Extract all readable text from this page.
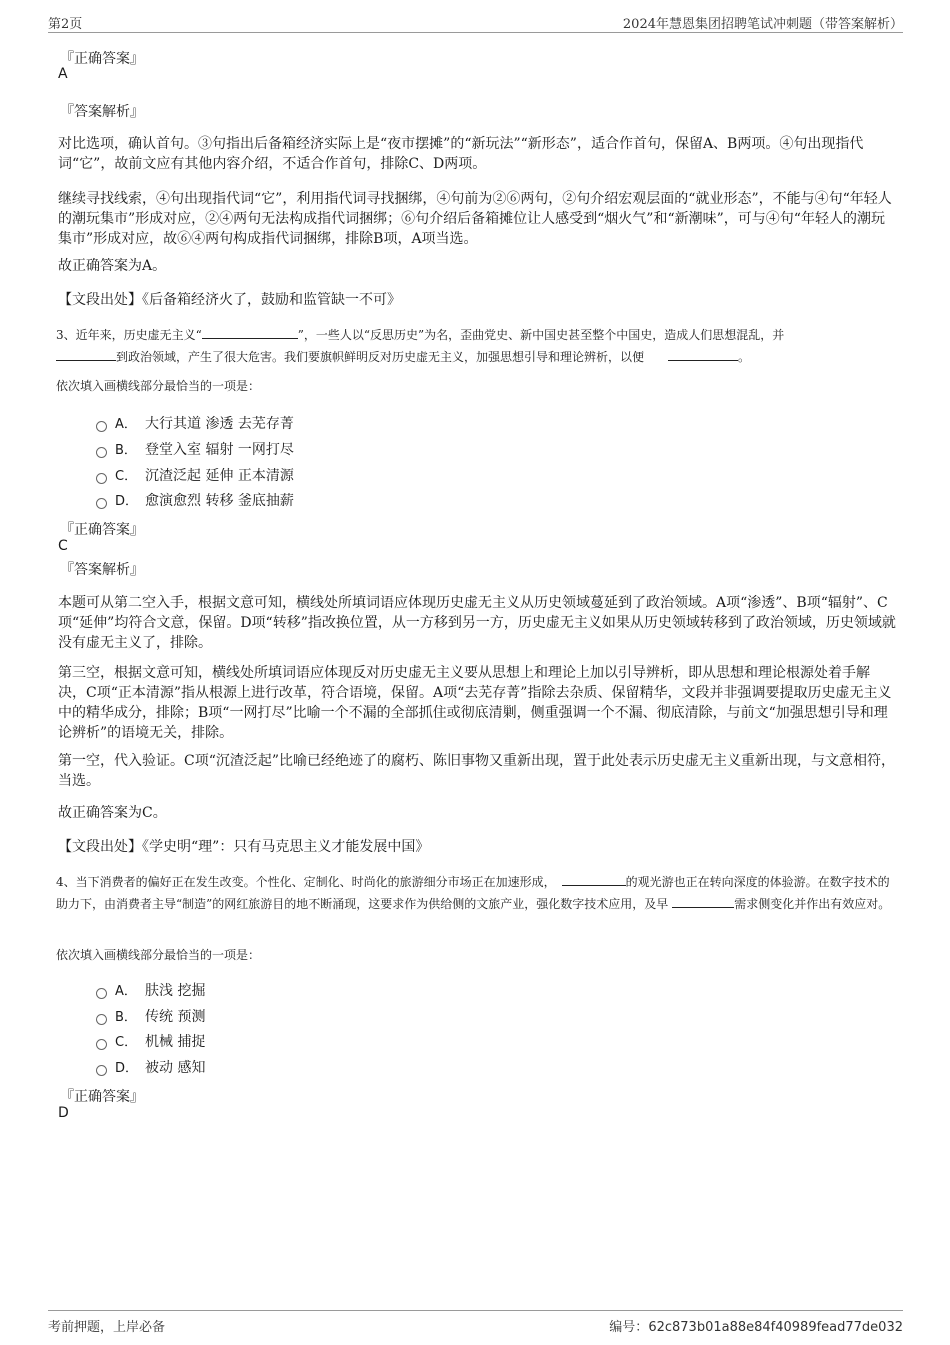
第2页	2024年慧恩集团招聘笔试冲刺题（带答案解析）
『正确答案』
A
『答案解析』
对比选项，确认首句。③句指出后备箱经济实际上是“夜市摆摊”的“新玩法”“新形态”，适合作首句，保留A、B两项。④句出现指代词“它”，故前文应有其他内容介绍，不适合作首句，排除C、D两项。
继续寻找线索，④句出现指代词“它”，利用指代词寻找捆绑，④句前为②⑥两句，②句介绍宏观层面的“就业形态”，不能与④句“年轻人的潮玩集市”形成对应，②④两句无法构成指代词捆绑；⑥句介绍后备箱摊位让人感受到“烟火气”和“新潮味”，可与④句“年轻人的潮玩集市”形成对应，故⑥④两句构成指代词捆绑，排除B项，A项当选。
故正确答案为A。
【文段出处】《后备箱经济火了，鼓励和监管缺一不可》
3、近年来，历史虚无主义“	”，一些人以“反思历史”为名，歪曲党史、新中国史甚至整个中国史，造成人们思想混乱，并
到政治领域，产生了很大危害。我们要旗帜鲜明反对历史虚无主义，加强思想引导和理论辨析，以便	。
依次填入画横线部分最恰当的一项是：
A． 大行其道 渗透 去芜存菁
B． 登堂入室 辐射 一网打尽
C． 沉渣泛起 延伸 正本清源
D． 愈演愈烈 转移 釜底抽薪
『正确答案』
C
『答案解析』
本题可从第二空入手，根据文意可知，横线处所填词语应体现历史虚无主义从历史领域蔓延到了政治领域。A项“渗透”、B项“辐射”、C项“延伸”均符合文意，保留。D项“转移”指改换位置，从一方移到另一方，历史虚无主义如果从历史领域转移到了政治领域，历史领域就没有虚无主义了，排除。
第三空，根据文意可知，横线处所填词语应体现反对历史虚无主义要从思想上和理论上加以引导辨析，即从思想和理论根源处着手解决，C项“正本清源”指从根源上进行改革，符合语境，保留。A项“去芜存菁”指除去杂质、保留精华，文段并非强调要提取历史虚无主义中的精华成分，排除；B项“一网打尽”比喻一个不漏的全部抓住或彻底清剿，侧重强调一个不漏、彻底清除，与前文“加强思想引导和理论辨析”的语境无关，排除。
第一空，代入验证。C项“沉渣泛起”比喻已经绝迹了的腐朽、陈旧事物又重新出现，置于此处表示历史虚无主义重新出现，与文意相符，当选。
故正确答案为C。
【文段出处】《学史明“理”：只有马克思主义才能发展中国》
4、当下消费者的偏好正在发生改变。个性化、定制化、时尚化的旅游细分市场正在加速形成，	的观光游也正在转向深度的体验游。在数字技术的助力下，由消费者主导“制造”的网红旅游目的地不断涌现，这要求作为供给侧的文旅产业，强化数字技术应用，及早	需求侧变化并作出有效应对。
依次填入画横线部分最恰当的一项是：
A． 肤浅 挖掘
B． 传统 预测
C． 机械 捕捉
D． 被动 感知
『正确答案』
D
考前押题，上岸必备	编号：62c873b01a88e84f40989fead77de032
